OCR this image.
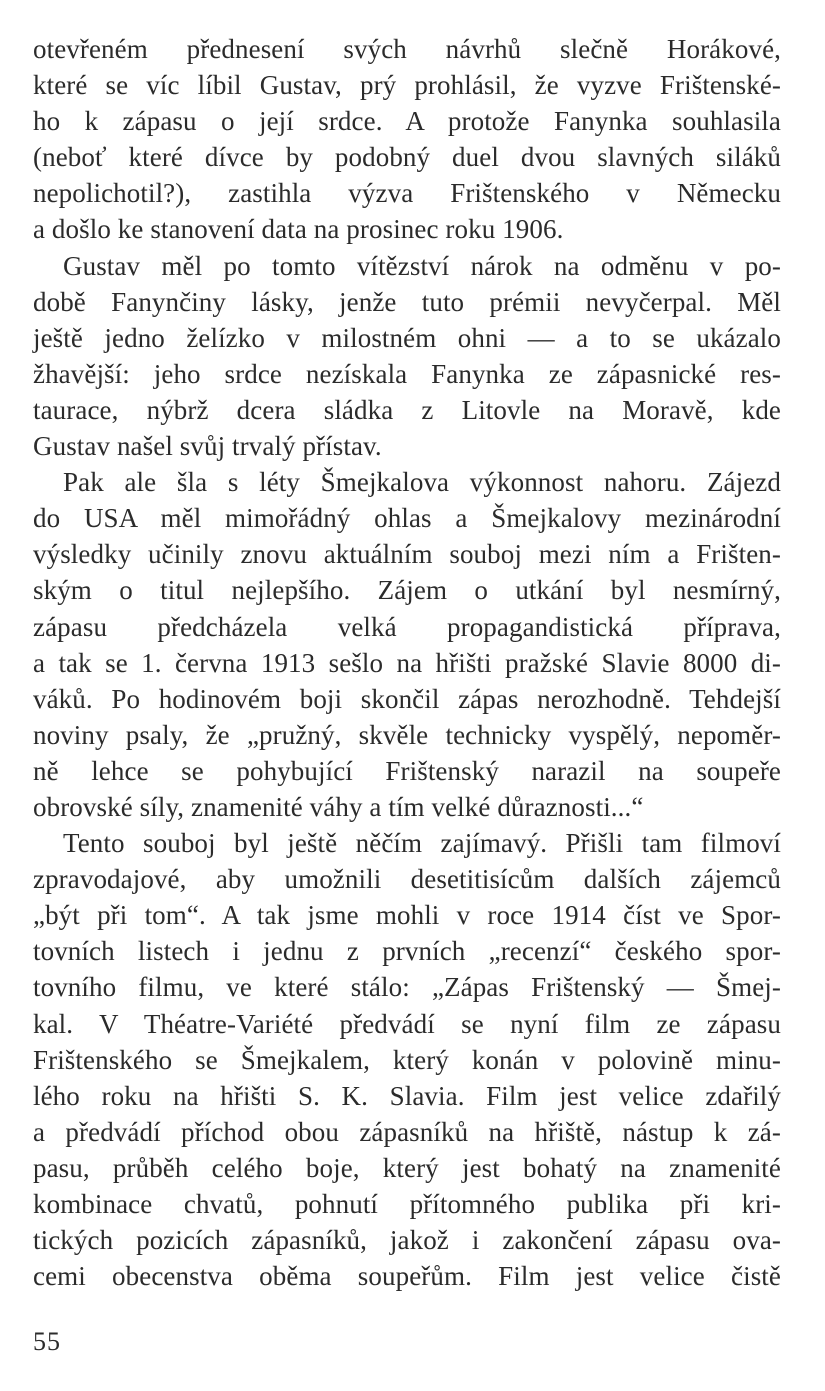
otevřeném přednesení svých návrhů slečně Horákové,
které se víc líbil Gustav, prý prohlásil, že vyzve Frištenské-
ho k zápasu o její srdce. A protože Fanynka souhlasila
(neboť které dívce by podobný duel dvou slavných siláků
nepolichotil?), zastihla výzva Frištenského v Německu
a došlo ke stanovení data na prosinec roku 1906.
Gustav měl po tomto vítězství nárok na odměnu v po-
době Fanynčiny lásky, jenže tuto prémii nevyčerpal. Měl
ještě jedno želízko v milostném ohni — a to se ukázalo
žhavější: jeho srdce nezískala Fanynka ze zápasnické res-
taurace, nýbrž dcera sládka z Litovle na Moravě, kde
Gustav našel svůj trvalý přístav.
Pak ale šla s léty Šmejkalova výkonnost nahoru. Zájezd
do USA měl mimořádný ohlas a Šmejkalovy mezinárodní
výsledky učinily znovu aktuálním souboj mezi ním a Frišten-
ským o titul nejlepšího. Zájem o utkání byl nesmírný,
zápasu předcházela velká propagandistická příprava,
a tak se 1. června 1913 sešlo na hřišti pražské Slavie 8000 di-
váků. Po hodinovém boji skončil zápas nerozhodně. Tehdejší
noviny psaly, že „pružný, skvěle technicky vyspělý, nepoměr-
ně lehce se pohybující Frištenský narazil na soupeře
obrovské síly, znamenité váhy a tím velké důraznosti...“
Tento souboj byl ještě něčím zajímavý. Přišli tam filmoví
zpravodajové, aby umožnili desetitisícům dalších zájemců
„být při tom“. A tak jsme mohli v roce 1914 číst ve Spor-
tovních listech i jednu z prvních „recenzí“ českého spor-
tovního filmu, ve které stálo: „Zápas Frištenský — Šmej-
kal. V Théatre-Variété předvádí se nyní film ze zápasu
Frištenského se Šmejkalem, který konán v polovině minu-
lého roku na hřišti S. K. Slavia. Film jest velice zdařilý
a předvádí příchod obou zápasníků na hřiště, nástup k zá-
pasu, průběh celého boje, který jest bohatý na znamenité
kombinace chvatů, pohnutí přítomného publika při kri-
tických pozicích zápasníků, jakož i zakončení zápasu ova-
cemi obecenstva oběma soupeřům. Film jest velice čistě
55
